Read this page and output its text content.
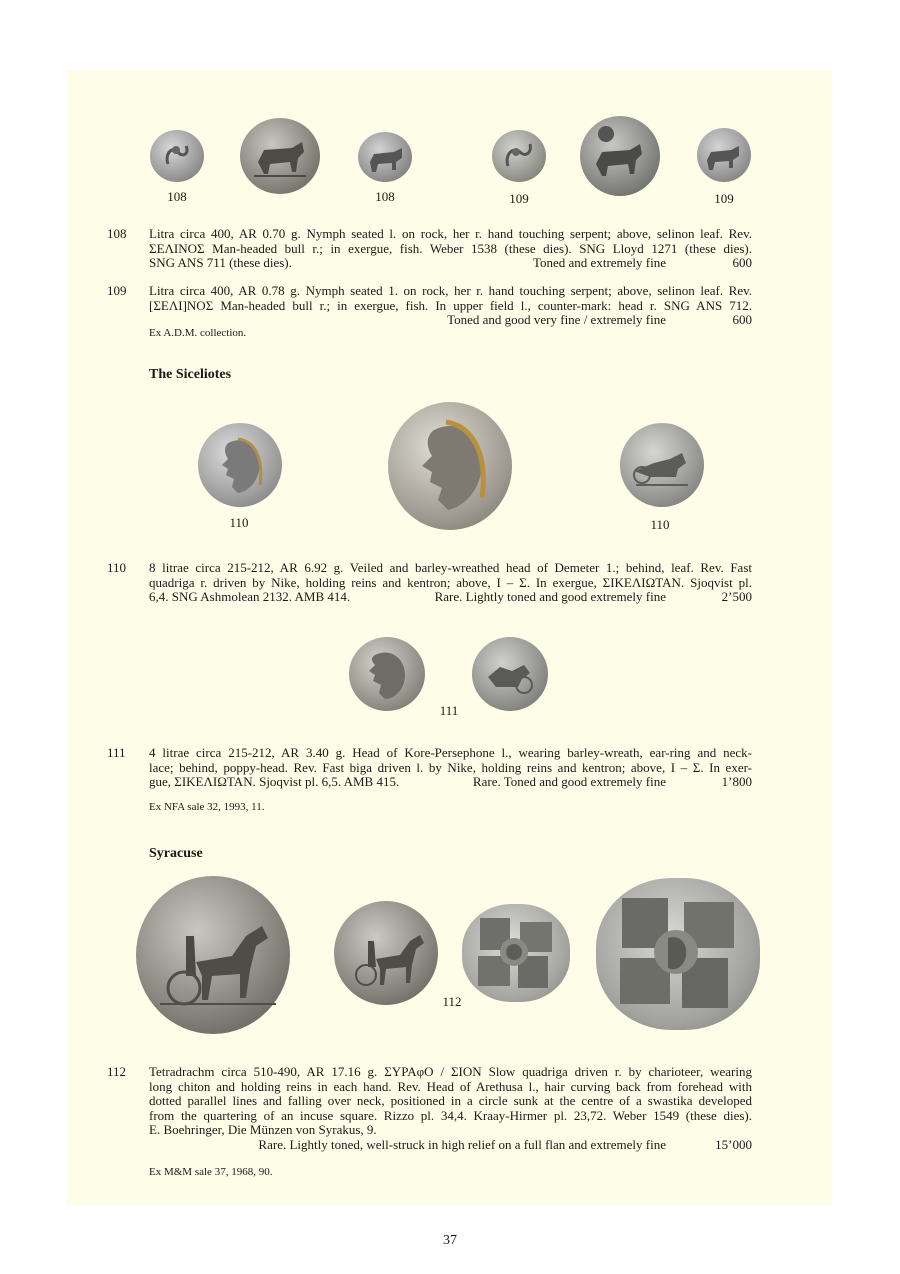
108	108	109	109
108 Litra circa 400, AR 0.70 g. Nymph seated l. on rock, her r. hand touching serpent; above, selinon leaf. Rev.
ΣΕΛΙΝΟΣ Man-headed bull r.; in exergue, fish. Weber 1538 (these dies). SNG Lloyd 1271 (these dies).
SNG ANS 711 (these dies).	Toned and extremely fine	600
109 Litra circa 400, AR 0.78 g. Nymph seated 1. on rock, her r. hand touching serpent; above, selinon leaf. Rev.
[ΣΕΛΙ]ΝΟΣ Man-headed bull r.; in exergue, fish. In upper field l., counter-mark: head r. SNG ANS 712.
Toned and good very fine / extremely fine	600
Ex A.D.M. collection.
The Siceliotes
110	110
110 8 litrae circa 215-212, AR 6.92 g. Veiled and barley-wreathed head of Demeter 1.; behind, leaf. Rev. Fast
quadriga r. driven by Nike, holding reins and kentron; above, Ι – Σ. In exergue, ΣΙΚΕΛΙΩΤΑΝ. Sjoqvist pl.
6,4. SNG Ashmolean 2132. AMB 414.	Rare. Lightly toned and good extremely fine	2’500
111
111 4 litrae circa 215-212, AR 3.40 g. Head of Kore-Persephone l., wearing barley-wreath, ear-ring and neck-
lace; behind, poppy-head. Rev. Fast biga driven l. by Nike, holding reins and kentron; above, Ι – Σ. In exer-
gue, ΣΙΚΕΛΙΩΤΑΝ. Sjoqvist pl. 6,5. AMB 415.	Rare. Toned and good extremely fine	1’800
Ex NFA sale 32, 1993, 11.
Syracuse
112
112 Tetradrachm circa 510-490, AR 17.16 g. ΣΥΡΑφΟ / ΣΙΟΝ Slow quadriga driven r. by charioteer, wearing
long chiton and holding reins in each hand. Rev. Head of Arethusa l., hair curving back from forehead with
dotted parallel lines and falling over neck, positioned in a circle sunk at the centre of a swastika developed
from the quartering of an incuse square. Rizzo pl. 34,4. Kraay-Hirmer pl. 23,72. Weber 1549 (these dies).
E. Boehringer, Die Münzen von Syrakus, 9.
Rare. Lightly toned, well-struck in high relief on a full flan and extremely fine	15’000
Ex M&M sale 37, 1968, 90.
37
